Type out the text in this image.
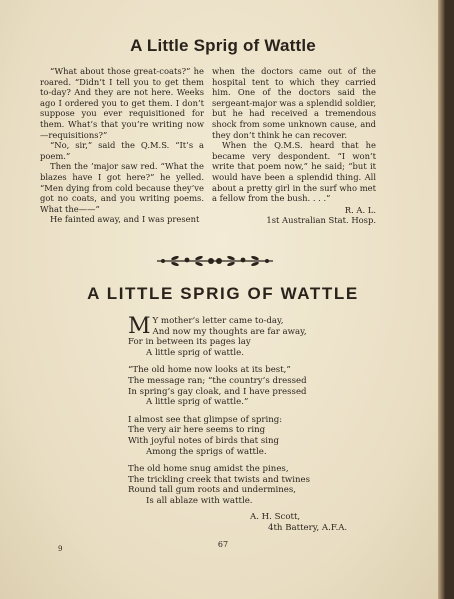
A Little Sprig of Wattle

“What about those great-coats?” he roared. “Didn’t I tell you to get them to-day? And they are not here. Weeks ago I ordered you to get them. I don’t suppose you ever requisitioned for them. What’s that you’re writing now—requisitions?”

“No, sir,” said the Q.M.S. “It’s a poem.”

Then the ’major saw red. “What the blazes have I got here?” he yelled. “Men dying from cold because they’ve got no coats, and you writing poems. What the——”

He fainted away, and I was present

when the doctors came out of the hospital tent to which they carried him. One of the doctors said the sergeant-major was a splendid soldier, but he had received a tremendous shock from some unknown cause, and they don’t think he can recover.

When the Q.M.S. heard that he became very despondent. “I won’t write that poem now,” he said; “but it would have been a splendid thing. All about a pretty girl in the surf who met a fellow from the bush. . . .”

R. A. L.
1st Australian Stat. Hosp.
A LITTLE SPRIG OF WATTLE
M Y mother’s letter came to-day,
And now my thoughts are far away,
For in between its pages lay
A little sprig of wattle.
“The old home now looks at its best,”
The message ran; “the country’s dressed
In spring’s gay cloak, and I have pressed
A little sprig of wattle.”
I almost see that glimpse of spring:
The very air here seems to ring
With joyful notes of birds that sing
Among the sprigs of wattle.
The old home snug amidst the pines,
The trickling creek that twists and twines
Round tall gum roots and undermines,
Is all ablaze with wattle.
A. H. Scott,
4th Battery, A.F.A.
67
9
